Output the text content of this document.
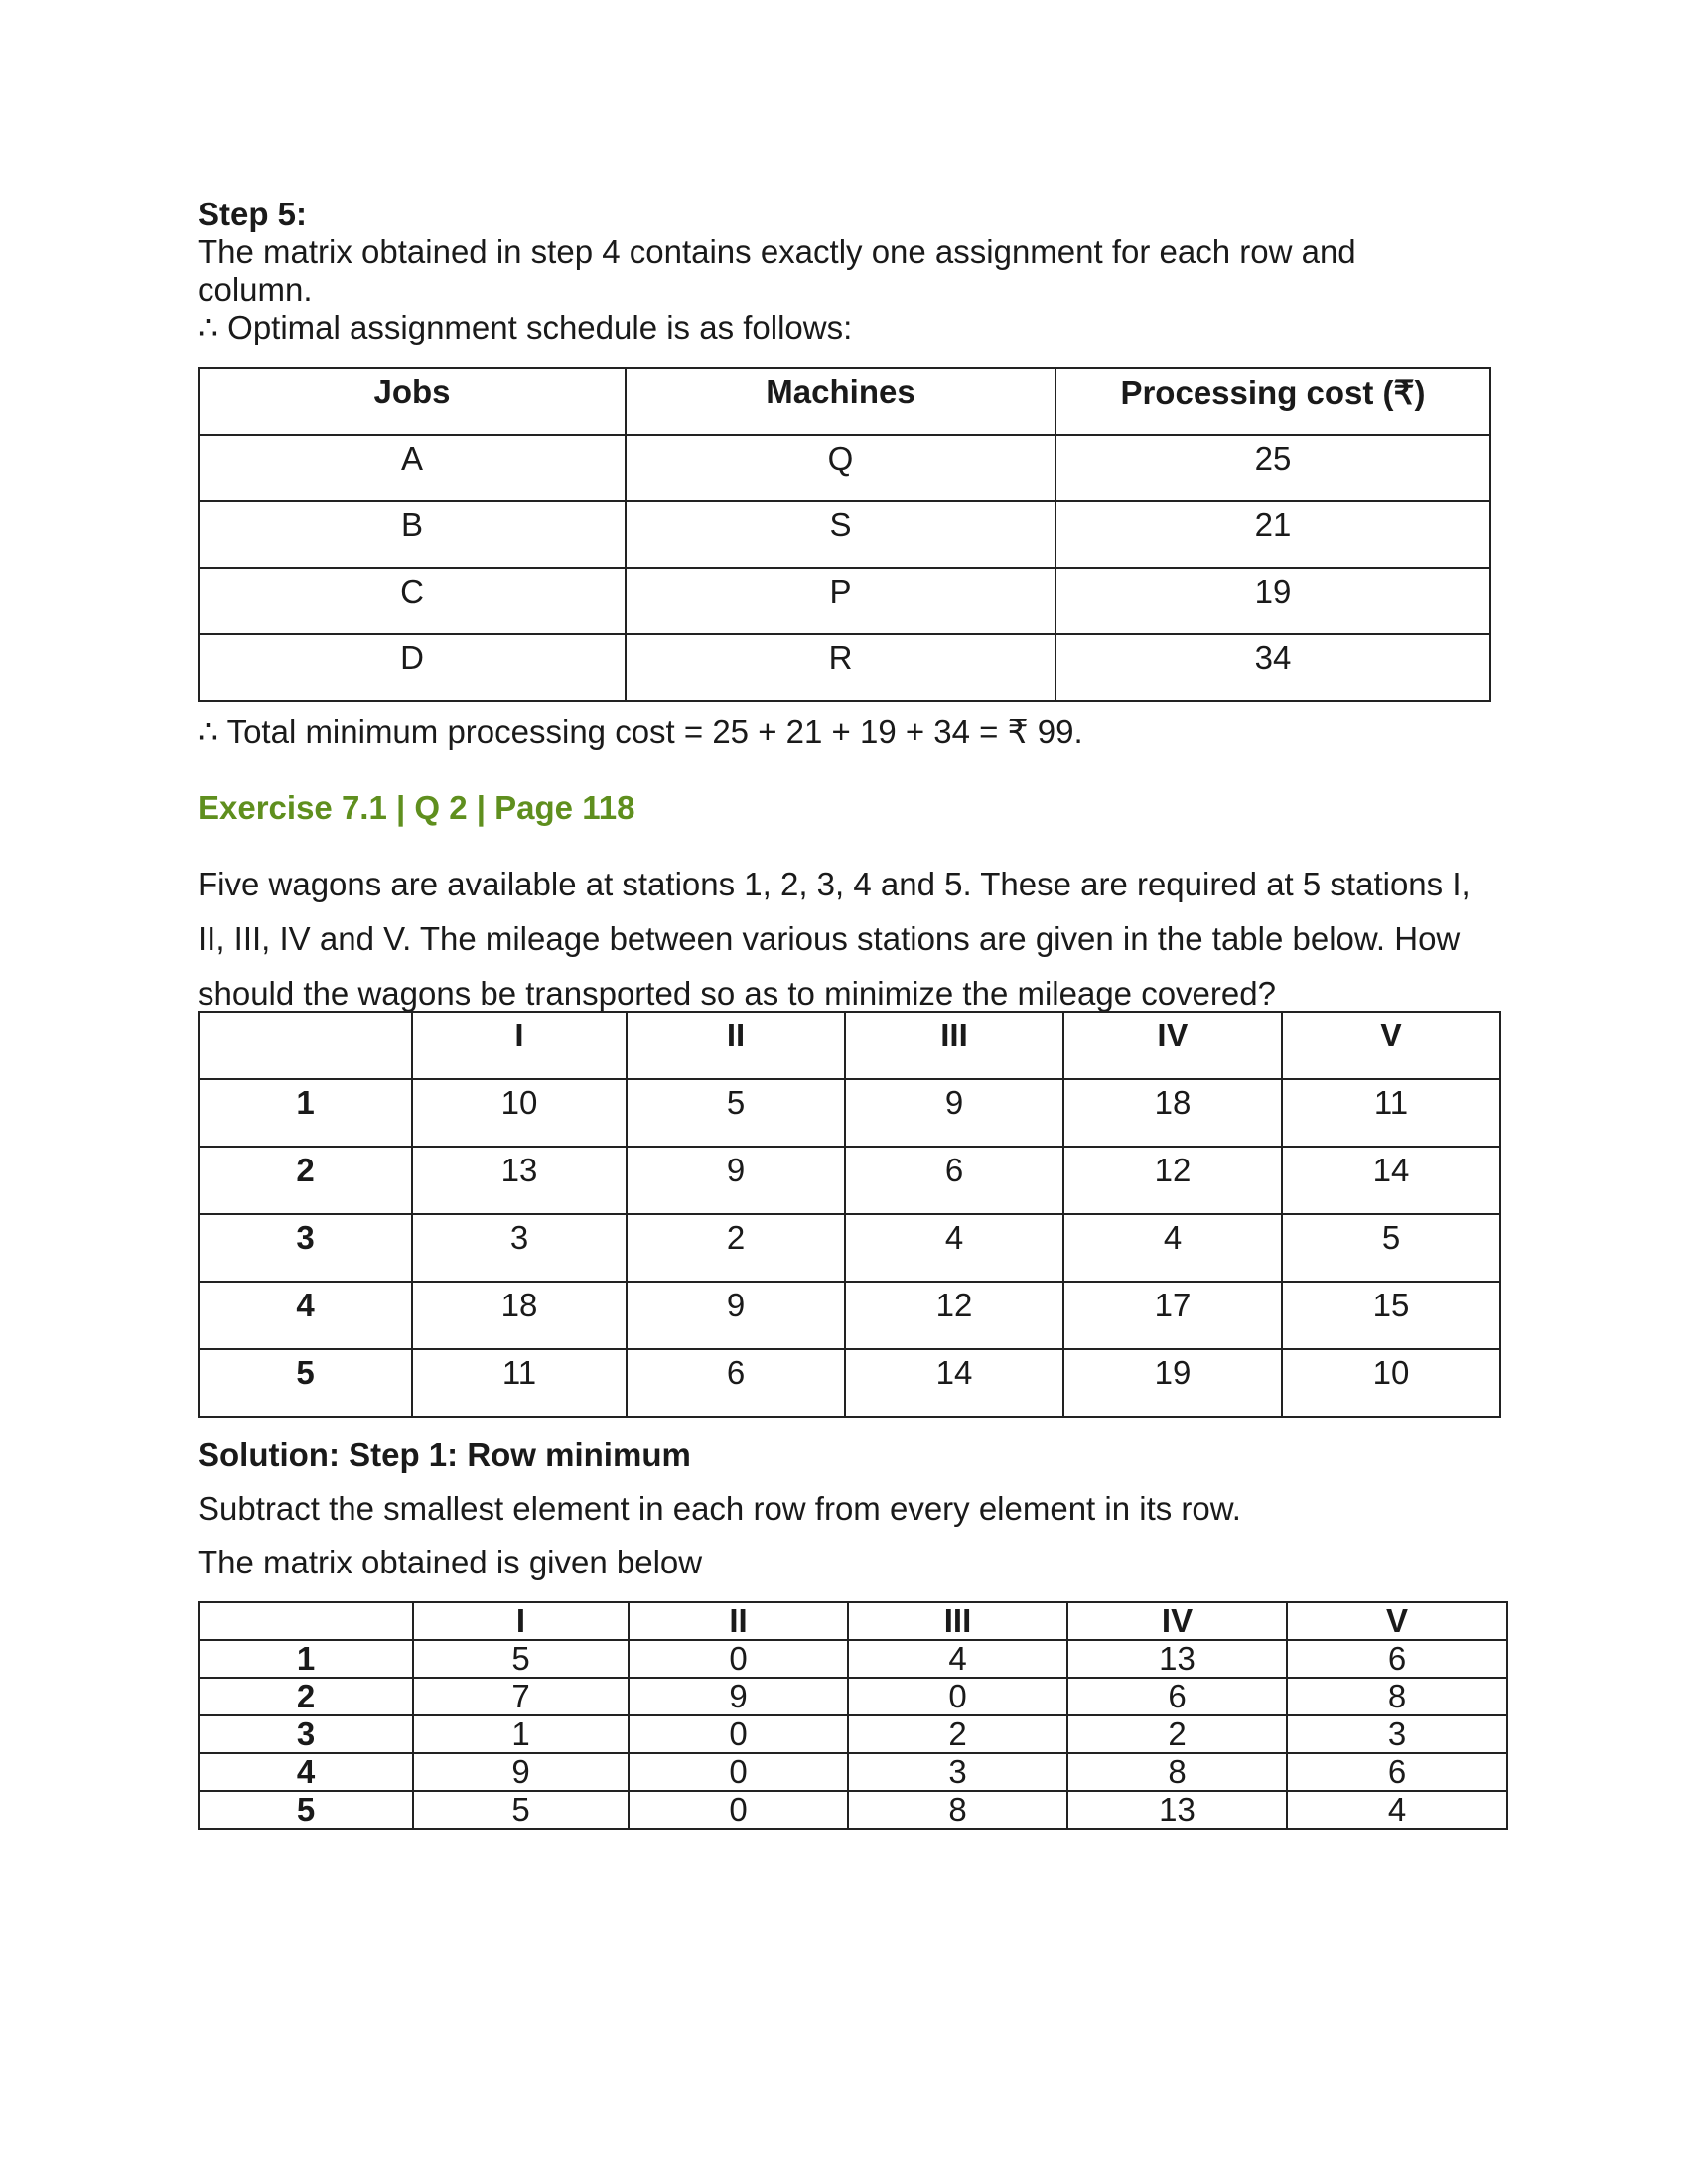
Step 5:

The matrix obtained in step 4 contains exactly one assignment for each row and

column.

∴ Optimal assignment schedule is as follows:

Jobs	Machines	Processing cost (₹)
A	Q	25
B	S	21
C	P	19
D	R	34

∴ Total minimum processing cost = 25 + 21 + 19 + 34 = ₹ 99.

Exercise 7.1 | Q 2 | Page 118

Five wagons are available at stations 1, 2, 3, 4 and 5. These are required at 5 stations I,

II, III, IV and V. The mileage between various stations are given in the table below. How

should the wagons be transported so as to minimize the mileage covered?

	I	II	III	IV	V
1	10	5	9	18	11
2	13	9	6	12	14
3	3	2	4	4	5
4	18	9	12	17	15
5	11	6	14	19	10

Solution: Step 1: Row minimum

Subtract the smallest element in each row from every element in its row.

The matrix obtained is given below

	I	II	III	IV	V
1	5	0	4	13	6
2	7	9	0	6	8
3	1	0	2	2	3
4	9	0	3	8	6
5	5	0	8	13	4
